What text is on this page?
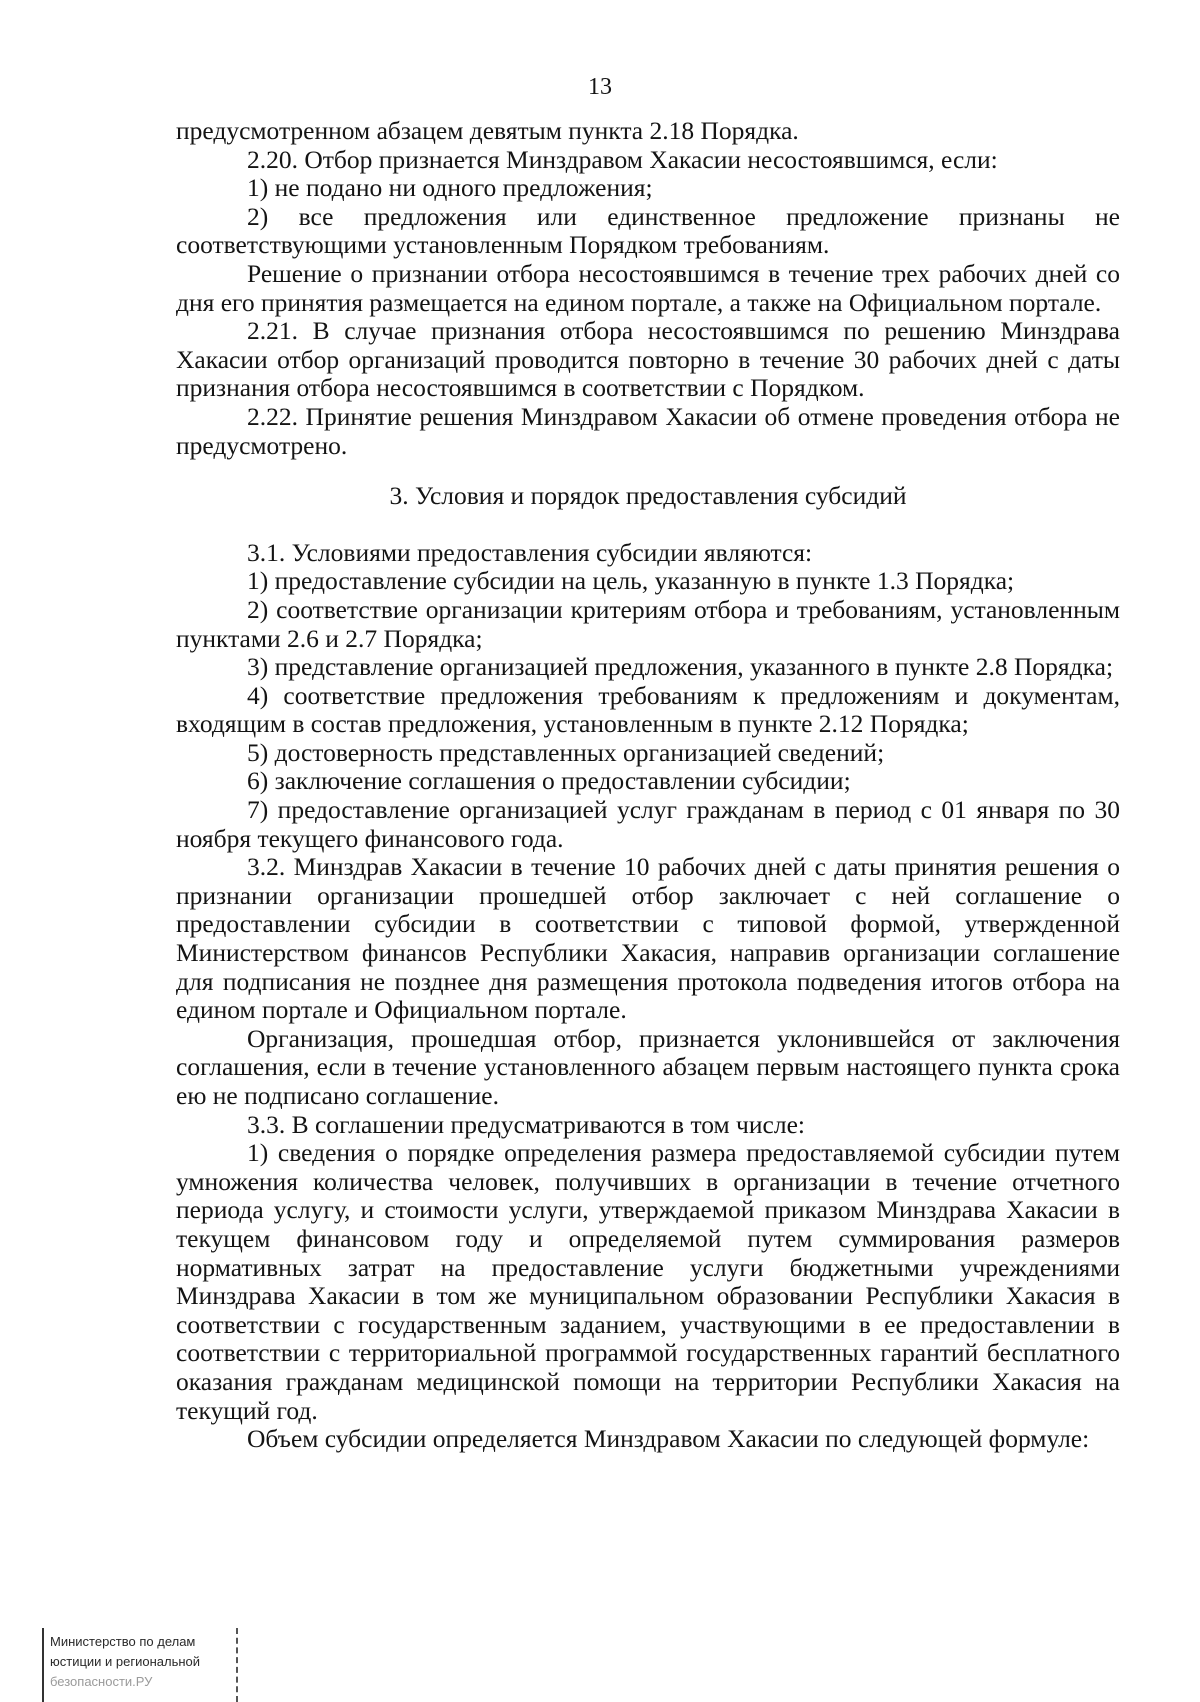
13

предусмотренном абзацем девятым пункта 2.18 Порядка.

2.20. Отбор признается Минздравом Хакасии несостоявшимся, если:

1) не подано ни одного предложения;

2) все предложения или единственное предложение признаны не соответствующими установленным Порядком требованиям.

Решение о признании отбора несостоявшимся в течение трех рабочих дней со дня его принятия размещается на едином портале, а также на Официальном портале.

2.21. В случае признания отбора несостоявшимся по решению Минздрава Хакасии отбор организаций проводится повторно в течение 30 рабочих дней с даты признания отбора несостоявшимся в соответствии с Порядком.

2.22. Принятие решения Минздравом Хакасии об отмене проведения отбора не предусмотрено.

3. Условия и порядок предоставления субсидий

3.1. Условиями предоставления субсидии являются:

1) предоставление субсидии на цель, указанную в пункте 1.3 Порядка;

2) соответствие организации критериям отбора и требованиям, установленным пунктами 2.6 и 2.7 Порядка;

3) представление организацией предложения, указанного в пункте 2.8 Порядка;

4) соответствие предложения требованиям к предложениям и документам, входящим в состав предложения, установленным в пункте 2.12 Порядка;

5) достоверность представленных организацией сведений;

6) заключение соглашения о предоставлении субсидии;

7) предоставление организацией услуг гражданам в период с 01 января по 30 ноября текущего финансового года.

3.2. Минздрав Хакасии в течение 10 рабочих дней с даты принятия решения о признании организации прошедшей отбор заключает с ней соглашение о предоставлении субсидии в соответствии с типовой формой, утвержденной Министерством финансов Республики Хакасия, направив организации соглашение для подписания не позднее дня размещения протокола подведения итогов отбора на едином портале и Официальном портале.

Организация, прошедшая отбор, признается уклонившейся от заключения соглашения, если в течение установленного абзацем первым настоящего пункта срока ею не подписано соглашение.

3.3. В соглашении предусматриваются в том числе:

1) сведения о порядке определения размера предоставляемой субсидии путем умножения количества человек, получивших в организации в течение отчетного периода услугу, и стоимости услуги, утверждаемой приказом Минздрава Хакасии в текущем финансовом году и определяемой путем суммирования размеров нормативных затрат на предоставление услуги бюджетными учреждениями Минздрава Хакасии в том же муниципальном образовании Республики Хакасия в соответствии с государственным заданием, участвующими в ее предоставлении в соответствии с территориальной программой государственных гарантий бесплатного оказания гражданам медицинской помощи на территории Республики Хакасия на текущий год.

Объем субсидии определяется Минздравом Хакасии по следующей формуле:

Министерство по делам
юстиции и региональной
безопасности.РУ
